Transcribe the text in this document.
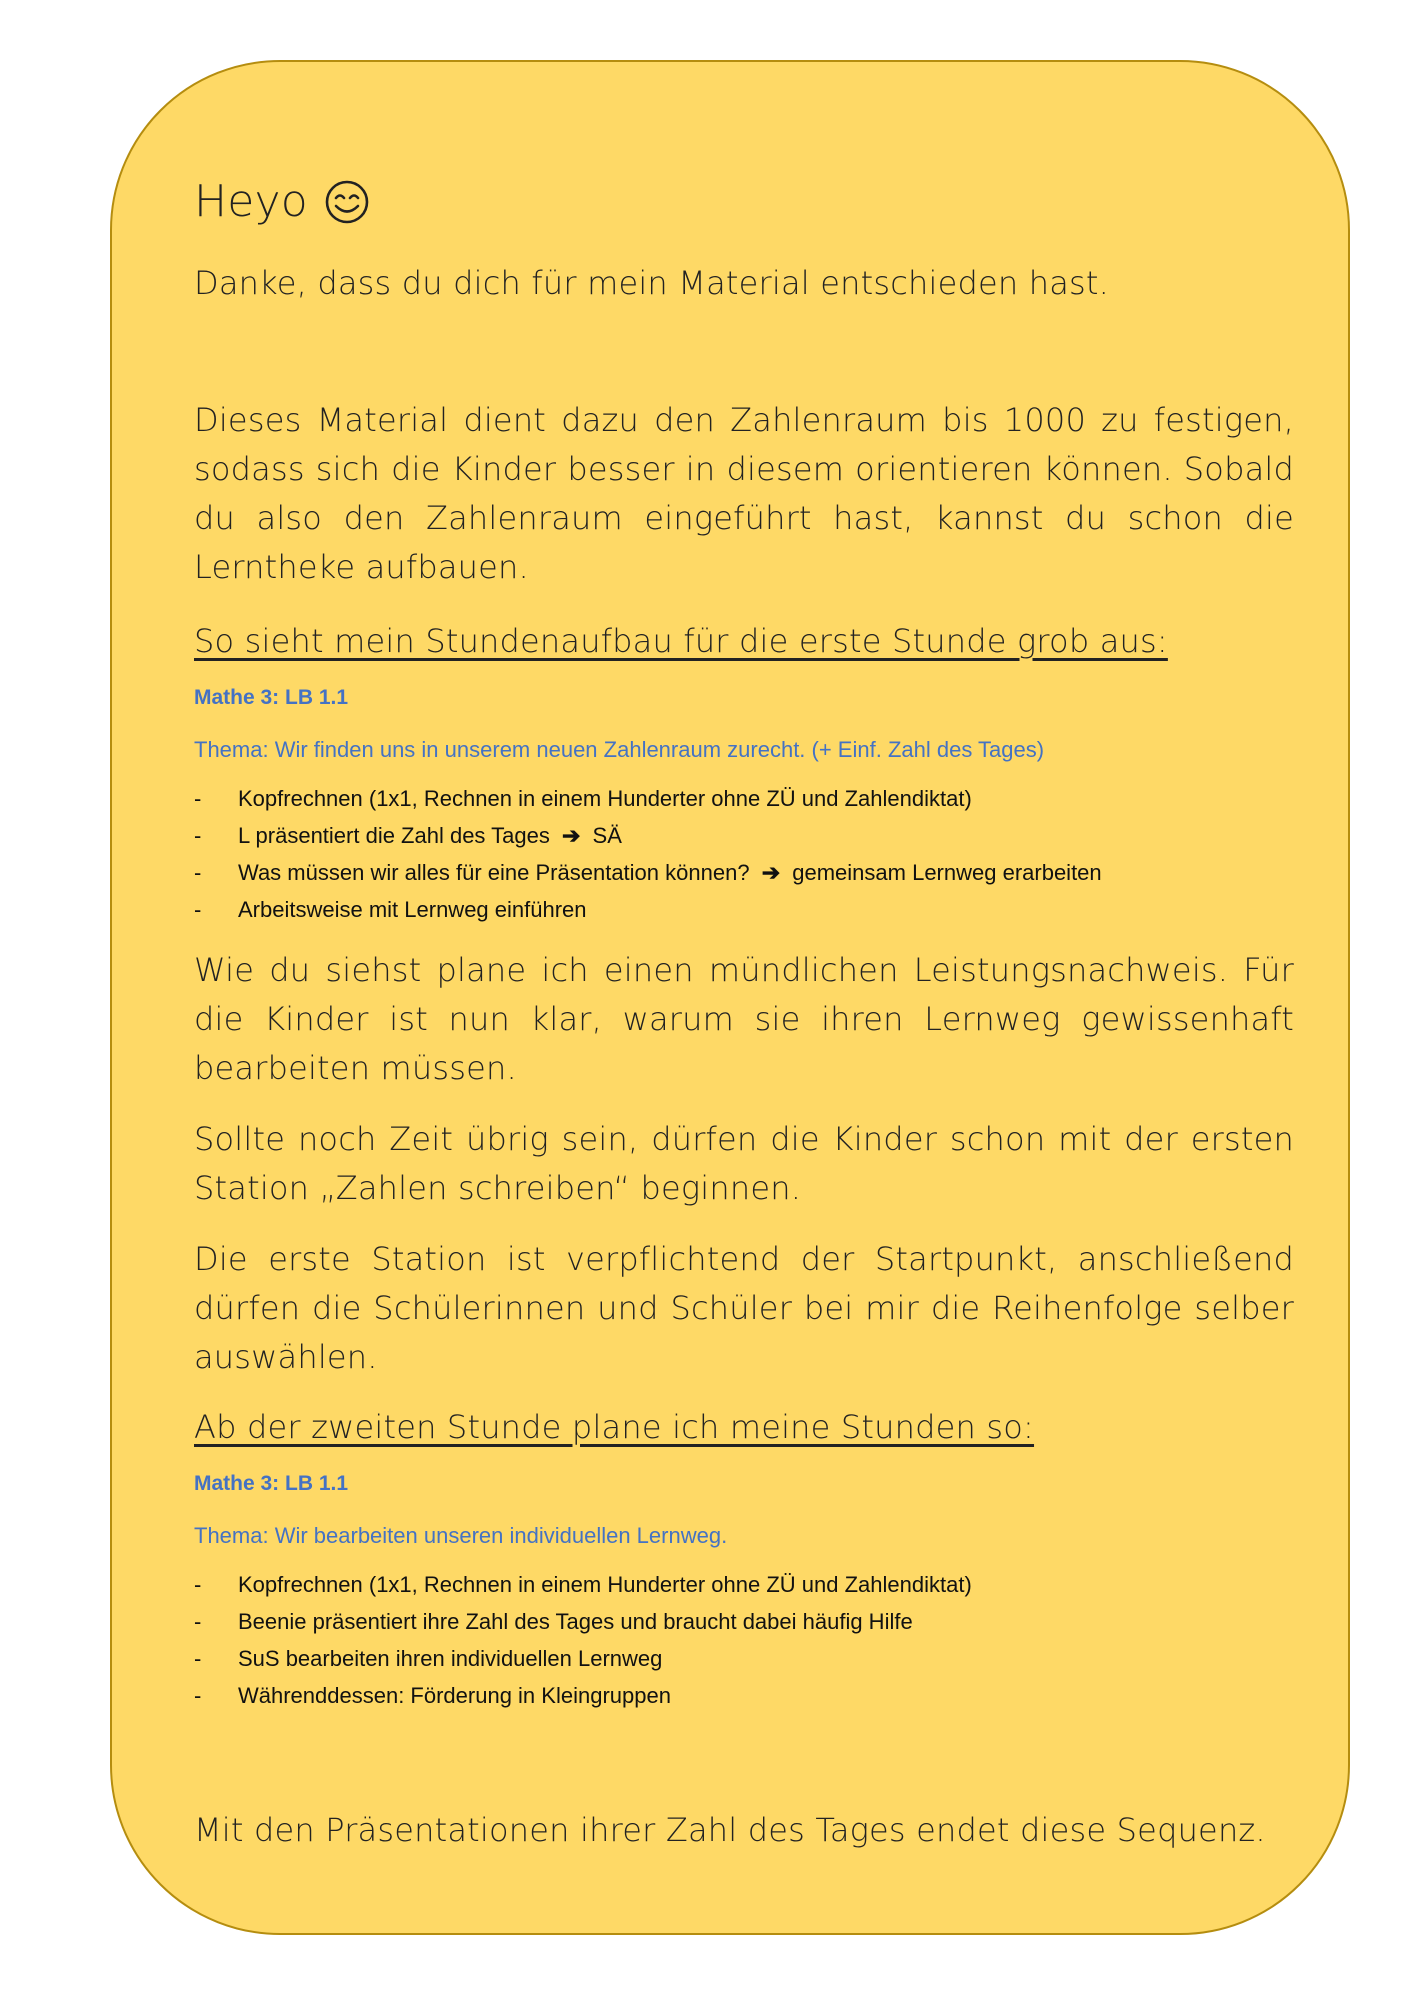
Heyo

Danke, dass du dich für mein Material entschieden hast.

Dieses Material dient dazu den Zahlenraum bis 1000 zu festigen, sodass sich die Kinder besser in diesem orientieren können. Sobald du also den Zahlenraum eingeführt hast, kannst du schon die Lerntheke aufbauen.

So sieht mein Stundenaufbau für die erste Stunde grob aus:
Mathe 3: LB 1.1
Thema: Wir finden uns in unserem neuen Zahlenraum zurecht. (+ Einf. Zahl des Tages)
-	Kopfrechnen (1x1, Rechnen in einem Hunderter ohne ZÜ und Zahlendiktat)
-	L präsentiert die Zahl des Tages ➔ SÄ
-	Was müssen wir alles für eine Präsentation können? ➔ gemeinsam Lernweg erarbeiten
-	Arbeitsweise mit Lernweg einführen

Wie du siehst plane ich einen mündlichen Leistungsnachweis. Für die Kinder ist nun klar, warum sie ihren Lernweg gewissenhaft bearbeiten müssen.

Sollte noch Zeit übrig sein, dürfen die Kinder schon mit der ersten Station „Zahlen schreiben“ beginnen.

Die erste Station ist verpflichtend der Startpunkt, anschließend dürfen die Schülerinnen und Schüler bei mir die Reihenfolge selber auswählen.

Ab der zweiten Stunde plane ich meine Stunden so:
Mathe 3: LB 1.1
Thema: Wir bearbeiten unseren individuellen Lernweg.
-	Kopfrechnen (1x1, Rechnen in einem Hunderter ohne ZÜ und Zahlendiktat)
-	Beenie präsentiert ihre Zahl des Tages und braucht dabei häufig Hilfe
-	SuS bearbeiten ihren individuellen Lernweg
-	Währenddessen: Förderung in Kleingruppen

Mit den Präsentationen ihrer Zahl des Tages endet diese Sequenz.
